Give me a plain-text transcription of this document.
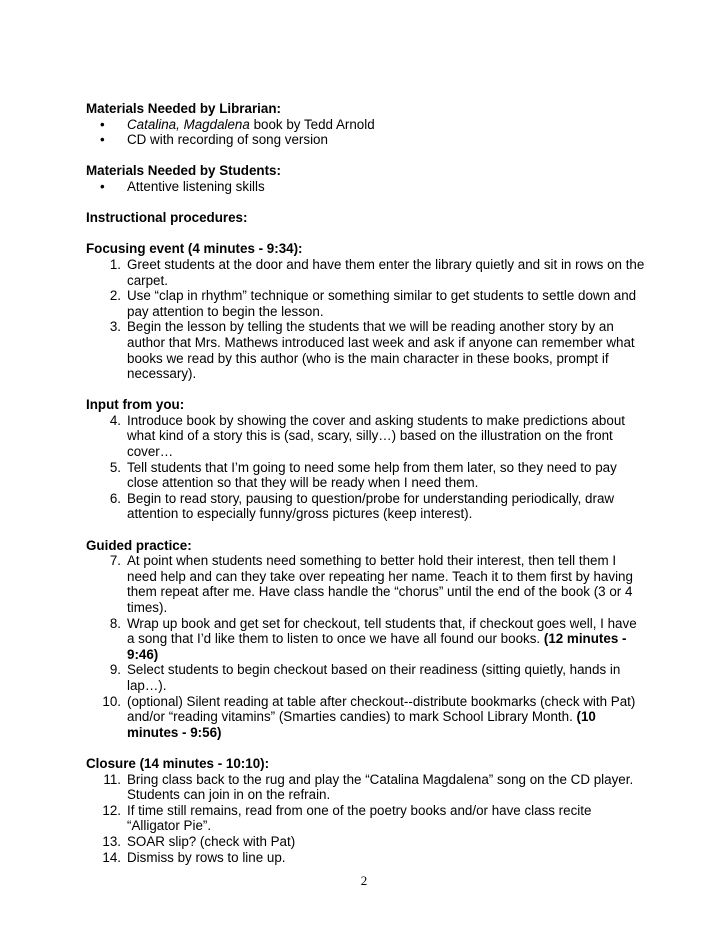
Materials Needed by Librarian:
• Catalina, Magdalena book by Tedd Arnold
• CD with recording of song version
Materials Needed by Students:
• Attentive listening skills
Instructional procedures:
Focusing event (4 minutes - 9:34):
1. Greet students at the door and have them enter the library quietly and sit in rows on the carpet.
2. Use “clap in rhythm” technique or something similar to get students to settle down and pay attention to begin the lesson.
3. Begin the lesson by telling the students that we will be reading another story by an author that Mrs. Mathews introduced last week and ask if anyone can remember what books we read by this author (who is the main character in these books, prompt if necessary).
Input from you:
4. Introduce book by showing the cover and asking students to make predictions about what kind of a story this is (sad, scary, silly…) based on the illustration on the front cover…
5. Tell students that I’m going to need some help from them later, so they need to pay close attention so that they will be ready when I need them.
6. Begin to read story, pausing to question/probe for understanding periodically, draw attention to especially funny/gross pictures (keep interest).
Guided practice:
7. At point when students need something to better hold their interest, then tell them I need help and can they take over repeating her name. Teach it to them first by having them repeat after me. Have class handle the “chorus” until the end of the book (3 or 4 times).
8. Wrap up book and get set for checkout, tell students that, if checkout goes well, I have a song that I’d like them to listen to once we have all found our books. (12 minutes - 9:46)
9. Select students to begin checkout based on their readiness (sitting quietly, hands in lap…).
10. (optional) Silent reading at table after checkout--distribute bookmarks (check with Pat) and/or “reading vitamins” (Smarties candies) to mark School Library Month. (10 minutes - 9:56)
Closure (14 minutes - 10:10):
11. Bring class back to the rug and play the “Catalina Magdalena” song on the CD player. Students can join in on the refrain.
12. If time still remains, read from one of the poetry books and/or have class recite “Alligator Pie”.
13. SOAR slip? (check with Pat)
14. Dismiss by rows to line up.
2
